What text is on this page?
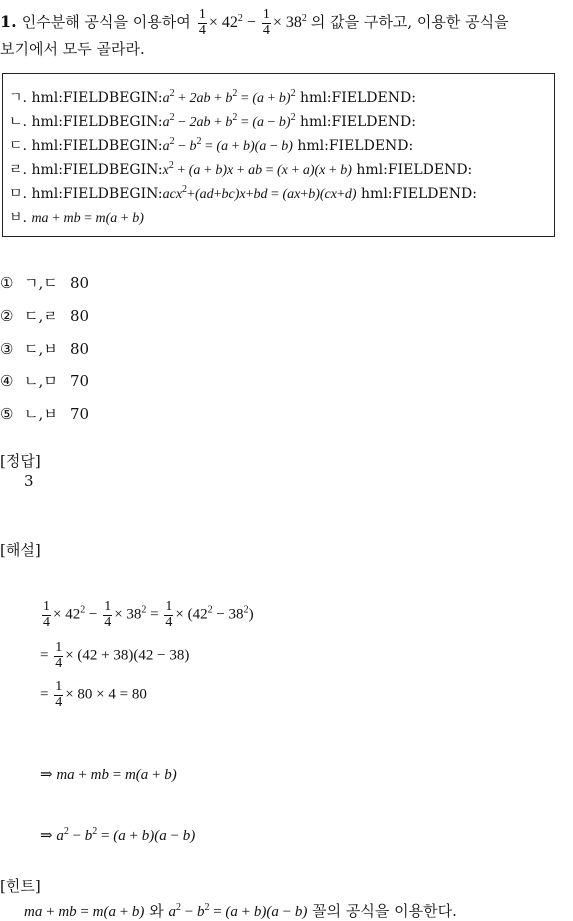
1. 인수분해 공식을 이용하여 $\frac{1}{4} \times 42^2 - \frac{1}{4} \times 38^2$ 의 값을 구하고, 이용한 공식을
보기에서 모두 골라라.
ㄱ. $hml:FIELDBEGIN:a^2 + 2ab + b^2 = (a + b)^2$ hml:FIELDEND:
ㄴ. $hml:FIELDBEGIN:a^2 - 2ab + b^2 = (a - b)^2$ hml:FIELDEND:
ㄷ. $hml:FIELDBEGIN:a^2 - b^2 = (a + b)(a - b)$ hml:FIELDEND:
ㄹ. $hml:FIELDBEGIN:x^2 + (a + b)x$ + ab = (x + a)(x + b) hml:FIELDEND:
ㅁ. hml:FIELDBEGIN:acx$^2$+(ad+bc)x+bd = (ax+b)(cx+d) hml:FIELDEND:
ㅂ. ma + mb = m(a + b)
① ㄱ,ㄷ 80
② ㄷ,ㄹ 80
③ ㄷ,ㅂ 80
④ ㄴ,ㅁ 70
⑤ ㄴ,ㅂ 70
[정답]
3
[해설]
$\frac{1}{4} \times 42^2 - \frac{1}{4} \times 38^2 = \frac{1}{4} \times (42^2 - 38^2)$
= $\frac{1}{4} \times (42 + 38)(42 - 38)$
= $\frac{1}{4} \times 80 \times 4 = 80$
⇒ ma + mb = m(a + b)
⇒ $a^2 - b^2 = (a + b)(a - b)$
[힌트]
ma + mb = m(a + b) 와 $a^2 - b^2 = (a + b)(a - b)$ 꼴의 공식을 이용한다.
